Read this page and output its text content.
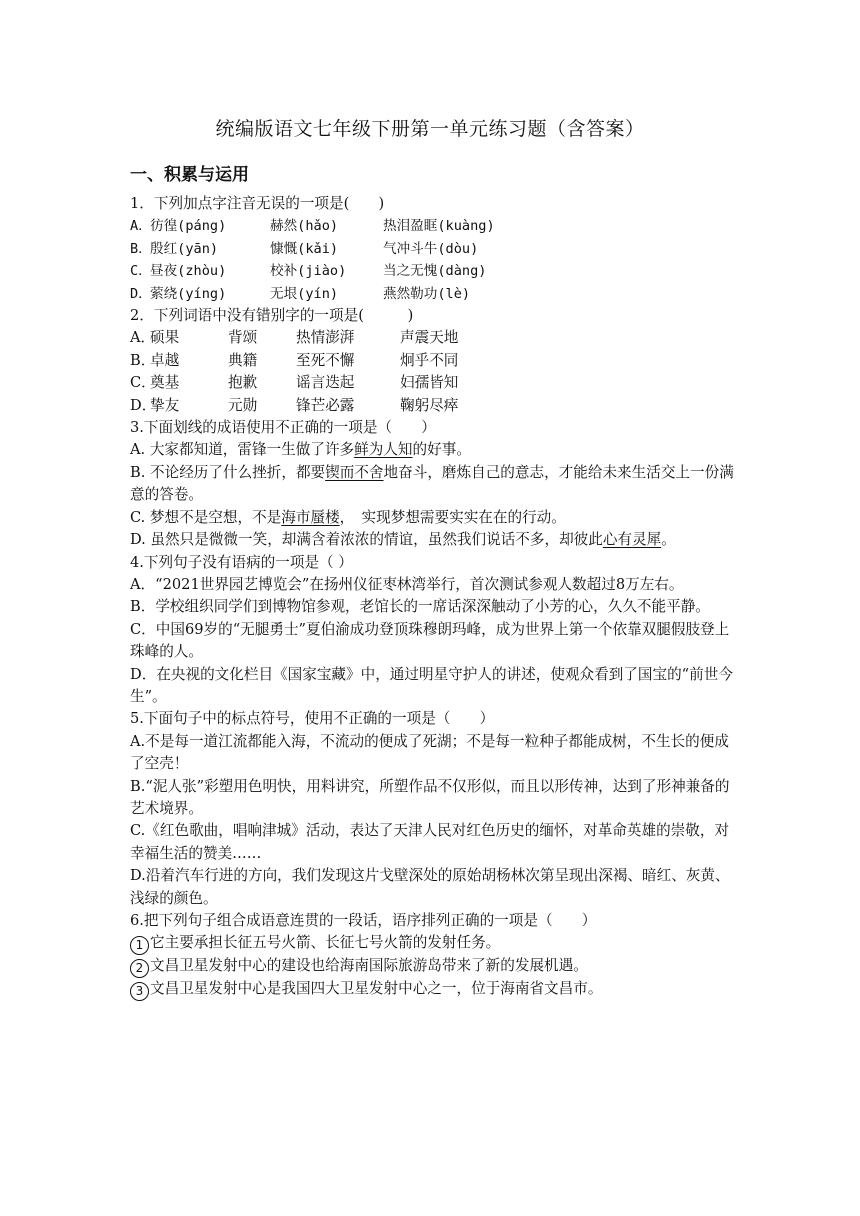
统编版语文七年级下册第一单元练习题（含答案）
一、积累与运用

1．下列加点字注音无误的一项是(　　)

A．
彷徨(páng)	赫然(hǎo)	热泪盈眶(kuàng)
B．
殷红(yān)	慷慨(kǎi)	气冲斗牛(dòu)
C．
昼夜(zhòu)	校补(jiào)	当之无愧(dàng)
D．
萦绕(yíng)	无垠(yín)	燕然勒功(lè)

2．下列词语中没有错别字的一项是(　　　)

A．
硕果	背颂	热情澎湃	声震天地
B．
卓越	典籍	至死不懈	炯乎不同
C．
奠基	抱歉	谣言迭起	妇孺皆知
D．
挚友	元勋	锋芒必露	鞠躬尽瘁

3.下面划线的成语使用不正确的一项是（　　）

A. 大家都知道，雷锋一生做了许多鲜为人知的好事。

B. 不论经历了什么挫折，都要锲而不舍地奋斗，磨炼自己的意志，才能给未来生活交上一份满意的答卷。

C. 梦想不是空想，不是海市蜃楼，　实现梦想需要实实在在的行动。

D. 虽然只是微微一笑，却满含着浓浓的情谊，虽然我们说话不多，却彼此心有灵犀。

4.下列句子没有语病的一项是（ ）

A．“2021世界园艺博览会”在扬州仪征枣林湾举行，首次测试参观人数超过8万左右。

B．学校组织同学们到博物馆参观，老馆长的一席话深深触动了小芳的心，久久不能平静。

C．中国69岁的“无腿勇士”夏伯渝成功登顶珠穆朗玛峰，成为世界上第一个依靠双腿假肢登上珠峰的人。

D．在央视的文化栏目《国家宝藏》中，通过明星守护人的讲述，使观众看到了国宝的“前世今生”。

5.下面句子中的标点符号，使用不正确的一项是（　　）

A.不是每一道江流都能入海，不流动的便成了死湖；不是每一粒种子都能成树，不生长的便成了空壳！

B.“泥人张”彩塑用色明快，用料讲究，所塑作品不仅形似，而且以形传神，达到了形神兼备的艺术境界。

C.《红色歌曲，唱响津城》活动，表达了天津人民对红色历史的缅怀，对革命英雄的崇敬，对幸福生活的赞美……

D.沿着汽车行进的方向，我们发现这片戈壁深处的原始胡杨林次第呈现出深褐、暗红、灰黄、浅绿的颜色。

6.把下列句子组合成语意连贯的一段话，语序排列正确的一项是（　　）

1 它主要承担长征五号火箭、长征七号火箭的发射任务。

2 文昌卫星发射中心的建设也给海南国际旅游岛带来了新的发展机遇。

3 文昌卫星发射中心是我国四大卫星发射中心之一，位于海南省文昌市。
